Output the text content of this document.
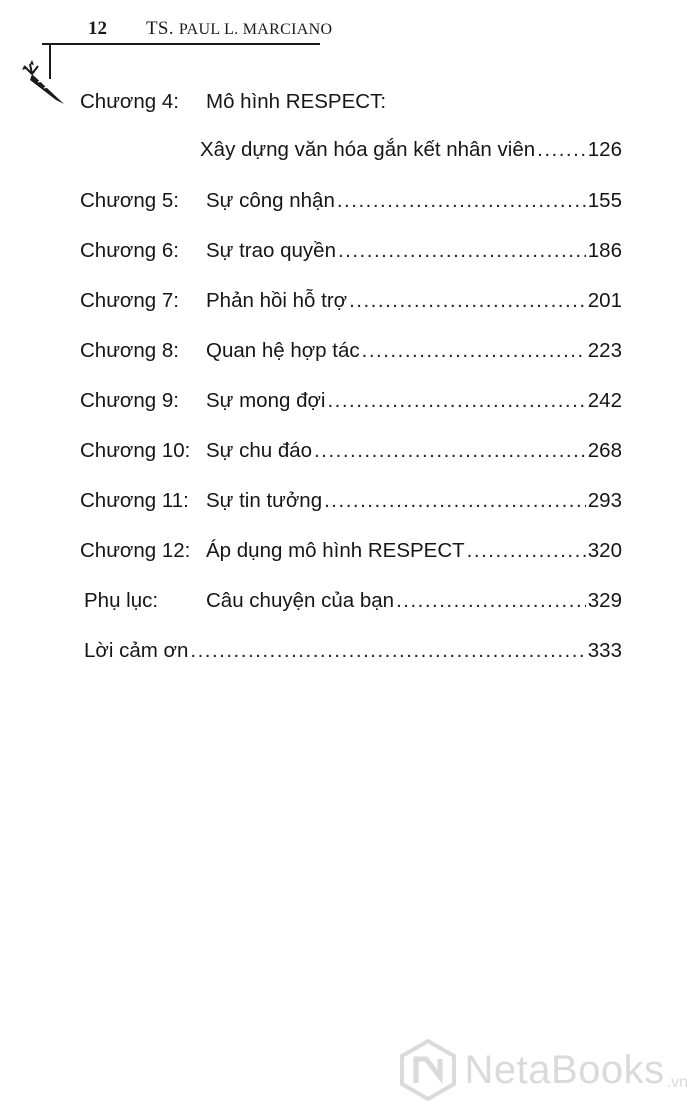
12 TS. PAUL L. MARCIANO
Chương 4: Mô hình RESPECT:
Xây dựng văn hóa gắn kết nhân viên .....	126
Chương 5: Sự công nhận .....	155
Chương 6: Sự trao quyền .....	186
Chương 7: Phản hồi hỗ trợ .....	201
Chương 8: Quan hệ hợp tác .....	223
Chương 9: Sự mong đợi .....	242
Chương 10: Sự chu đáo .....	268
Chương 11: Sự tin tưởng .....	293
Chương 12: Áp dụng mô hình RESPECT .....	320
Phụ lục: Câu chuyện của bạn .....	329
Lời cảm ơn .....	333
NetaBooks .vn
